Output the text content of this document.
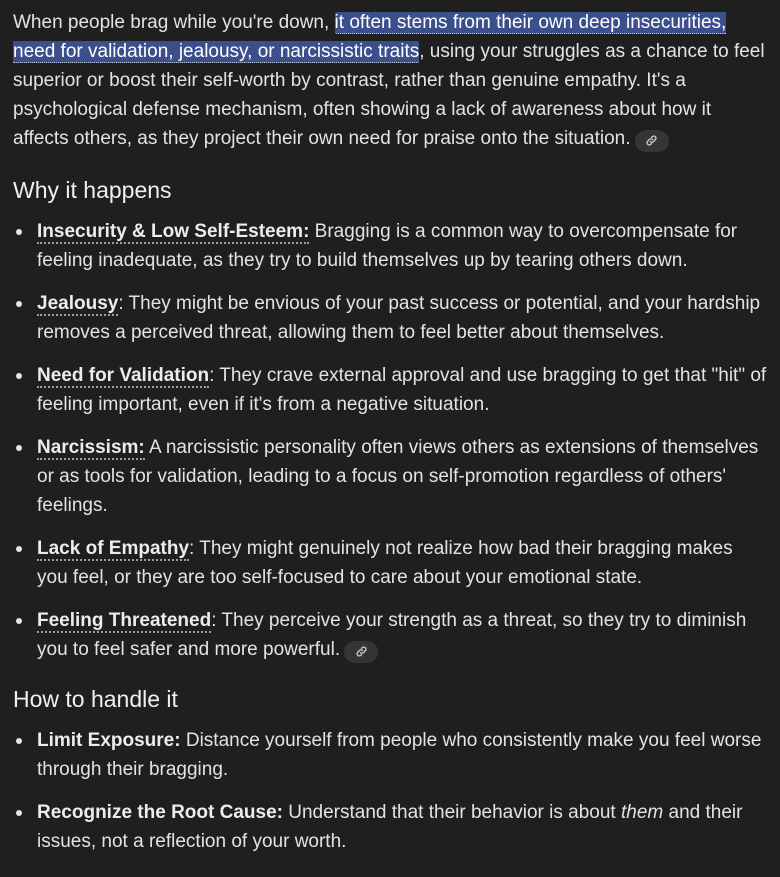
When people brag while you're down, it often stems from their own deep insecurities, need for validation, jealousy, or narcissistic traits, using your struggles as a chance to feel superior or boost their self-worth by contrast, rather than genuine empathy. It's a psychological defense mechanism, often showing a lack of awareness about how it affects others, as they project their own need for praise onto the situation.

Why it happens
Insecurity & Low Self-Esteem: Bragging is a common way to overcompensate for feeling inadequate, as they try to build themselves up by tearing others down.
Jealousy: They might be envious of your past success or potential, and your hardship removes a perceived threat, allowing them to feel better about themselves.
Need for Validation: They crave external approval and use bragging to get that "hit" of feeling important, even if it's from a negative situation.
Narcissism: A narcissistic personality often views others as extensions of themselves or as tools for validation, leading to a focus on self-promotion regardless of others' feelings.
Lack of Empathy: They might genuinely not realize how bad their bragging makes you feel, or they are too self-focused to care about your emotional state.
Feeling Threatened: They perceive your strength as a threat, so they try to diminish you to feel safer and more powerful.
How to handle it
Limit Exposure: Distance yourself from people who consistently make you feel worse through their bragging.
Recognize the Root Cause: Understand that their behavior is about them and their issues, not a reflection of your worth.
